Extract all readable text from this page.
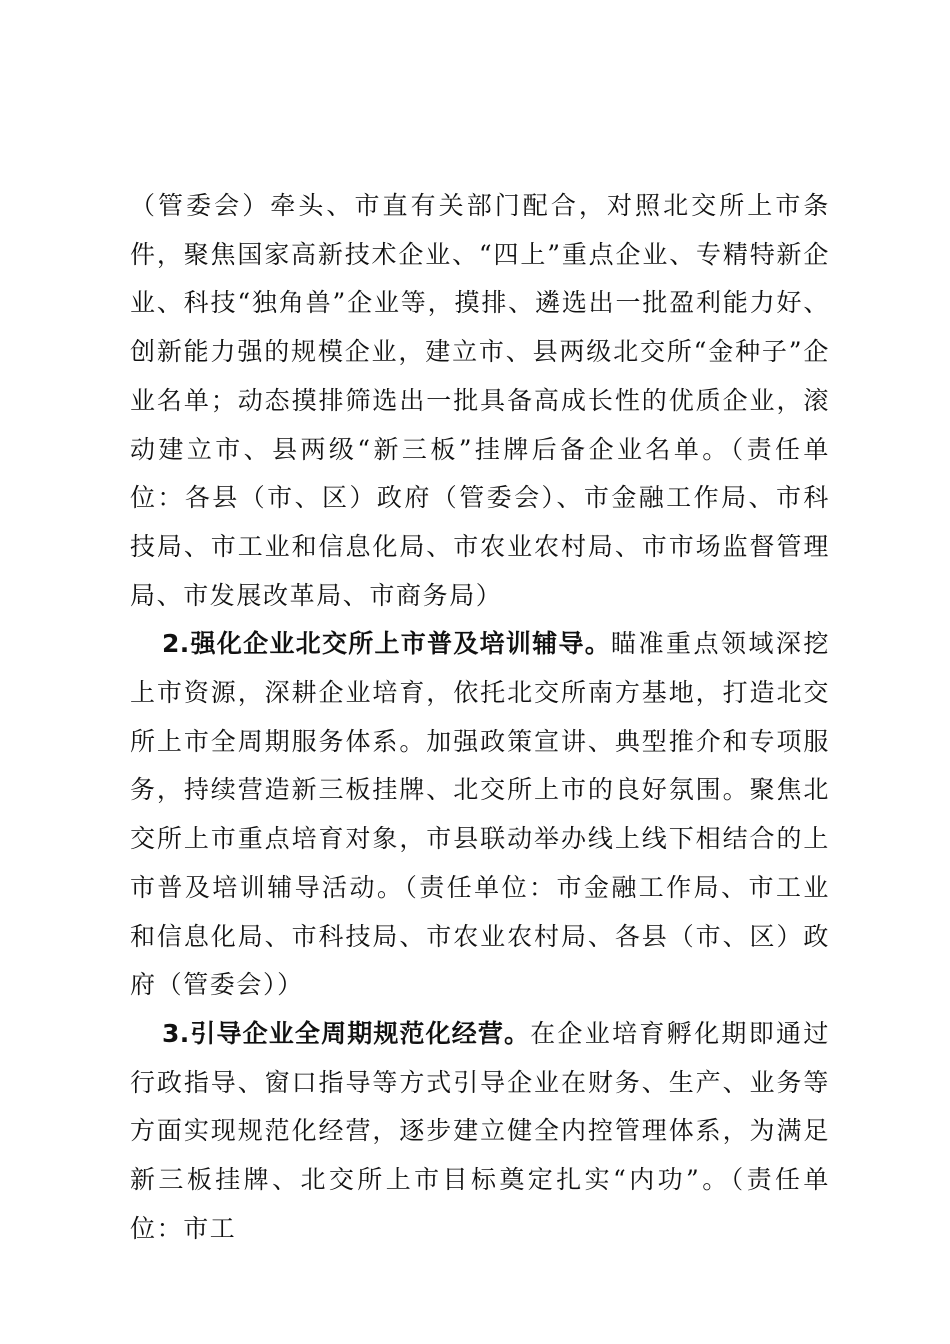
（管委会）牵头、市直有关部门配合，对照北交所上市条件，聚焦国家高新技术企业、“四上”重点企业、专精特新企业、科技“独角兽”企业等，摸排、遴选出一批盈利能力好、创新能力强的规模企业，建立市、县两级北交所“金种子”企业名单；动态摸排筛选出一批具备高成长性的优质企业，滚动建立市、县两级“新三板”挂牌后备企业名单。（责任单位：各县（市、区）政府（管委会）、市金融工作局、市科技局、市工业和信息化局、市农业农村局、市市场监督管理局、市发展改革局、市商务局）

2.强化企业北交所上市普及培训辅导。瞄准重点领域深挖上市资源，深耕企业培育，依托北交所南方基地，打造北交所上市全周期服务体系。加强政策宣讲、典型推介和专项服务，持续营造新三板挂牌、北交所上市的良好氛围。聚焦北交所上市重点培育对象，市县联动举办线上线下相结合的上市普及培训辅导活动。（责任单位：市金融工作局、市工业和信息化局、市科技局、市农业农村局、各县（市、区）政府（管委会））

3.引导企业全周期规范化经营。在企业培育孵化期即通过行政指导、窗口指导等方式引导企业在财务、生产、业务等方面实现规范化经营，逐步建立健全内控管理体系，为满足新三板挂牌、北交所上市目标奠定扎实“内功”。（责任单位：市工
